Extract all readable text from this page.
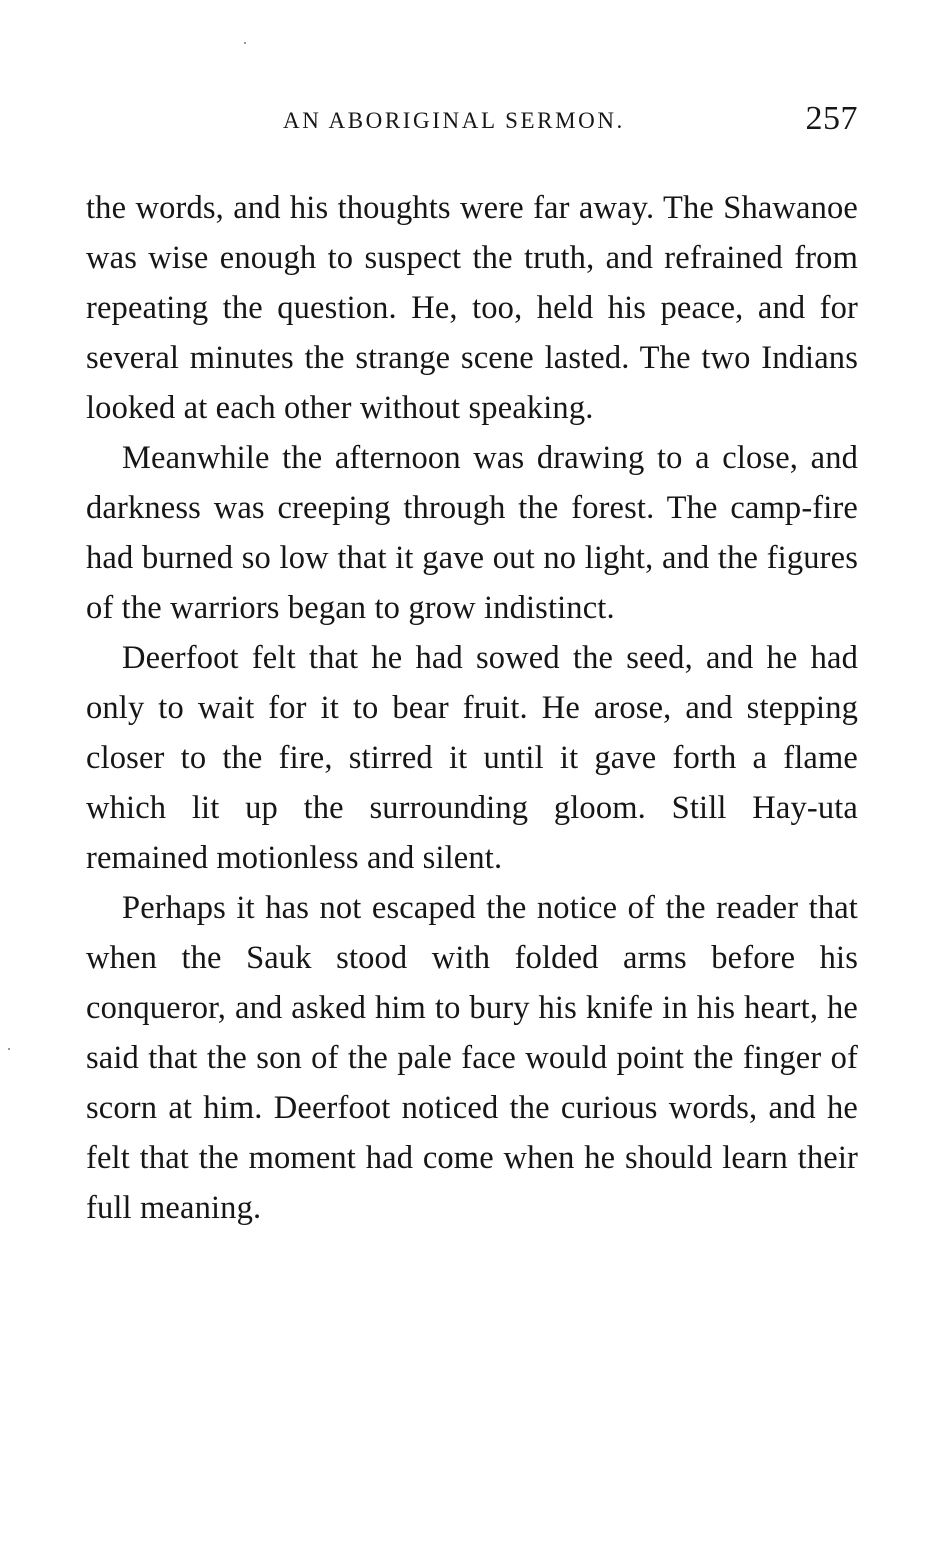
AN ABORIGINAL SERMON.	257

the words, and his thoughts were far away. The Shawanoe was wise enough to suspect the truth, and refrained from repeating the question. He, too, held his peace, and for several minutes the strange scene lasted. The two Indians looked at each other without speaking.

Meanwhile the afternoon was drawing to a close, and darkness was creeping through the forest. The camp-fire had burned so low that it gave out no light, and the figures of the warriors began to grow indistinct.

Deerfoot felt that he had sowed the seed, and he had only to wait for it to bear fruit. He arose, and stepping closer to the fire, stirred it until it gave forth a flame which lit up the surrounding gloom. Still Hay-uta remained motionless and silent.

Perhaps it has not escaped the notice of the reader that when the Sauk stood with folded arms before his conqueror, and asked him to bury his knife in his heart, he said that the son of the pale face would point the finger of scorn at him. Deerfoot noticed the curious words, and he felt that the moment had come when he should learn their full meaning.
